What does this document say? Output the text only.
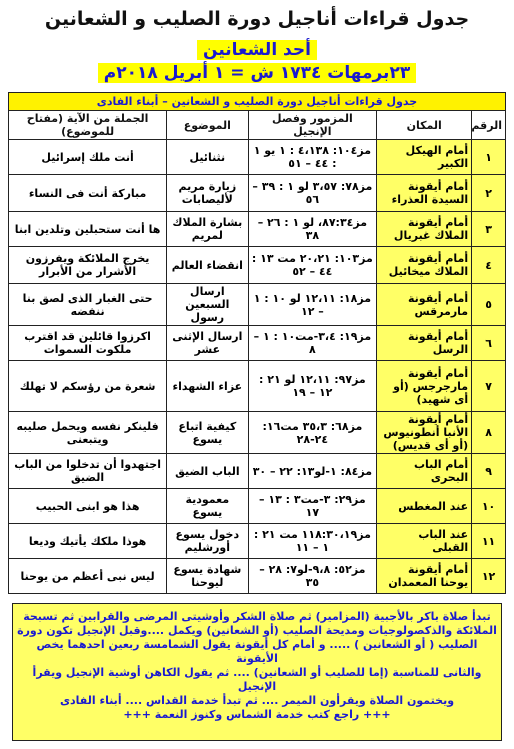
جدول قراءات أناجيل دورة الصليب و الشعانين
أحد الشعانين
٢٣برمهات ١٧٣٤ ش = ١ أبريل ٢٠١٨م
جدول قراءات أناجيل دورة الصليب و الشعانين – أبناء الفادى				
الرقم	المكان	المزمور وفصل الإنجيل	الموضوع	الجملة من الآية (مفتاح للموضوع)
١	أمام الهيكل الكبير	مز١٠٤: ٤،١٣٨ : ١ يو ١ : ٤٤ – ٥١	نثنائيل	أنت ملك إسرائيل
٢	أمام أيقونة السيدة العذراء	مز٧٨: ٣،٥٧ لو ١ : ٣٩ – ٥٦	زيارة مريم لأليصابات	مباركة أنت فى النساء
٣	أمام أيقونة الملاك غبريال	مز٨٧:٣٤، لو ١ : ٢٦ – ٣٨	بشارة الملاك لمريم	ها أنت ستحبلين وتلدين ابنا
٤	أمام أيقونة الملاك ميخائيل	مز١٠٣: ٢٠،٢١ مت ١٣ : ٤٤ – ٥٢	انقضاء العالم	يخرج الملائكة ويفرزون الأشرار من الأبرار
٥	أمام أيقونة مارمرقس	مز١٨: ١٢،١١ لو ١٠ : ١ – ١٢	ارسال السبعين رسول	حتى الغبار الذى لصق بنا ننفضه
٦	أمام أيقونة الرسل	مز١٩: ٣،٤-مت١٠ : ١ – ٨	ارسال الإثنى عشر	اكرزوا قائلين قد اقترب ملكوت السموات
٧	أمام أيقونة مارجرجس (أو أى شهيد)	مز٩٧: ١٢،١١ لو ٢١ : ١٢ – ١٩	عزاء الشهداء	شعرة من رؤسكم لا تهلك
٨	أمام أيقونة الأنبا أنطونيوس (أو أى قديس)	مز٦٨: ٣٥،٣ مت١٦: ٢٤-٢٨	كيفية اتباع يسوع	فلينكر نفسه ويحمل صليبه ويتبعنى
٩	أمام الباب البحرى	مز٨٤: ١-لو١٣: ٢٢ – ٣٠	الباب الضيق	اجتهدوا أن تدخلوا من الباب الضيق
١٠	عند المغطس	مز٢٩: ٣-مت٣ : ١٣ – ١٧	معمودية يسوع	هذا هو ابنى الحبيب
١١	عند الباب القبلى	مز١١٨:٣٠،١٩ مت ٢١ : ١ – ١١	دخول يسوع أورشليم	هوذا ملكك يأتيك وديعا
١٢	أمام أيقونة يوحنا المعمدان	مز٥٢: ٩،٨-لو٧: ٢٨ – ٣٥	شهادة يسوع ليوحنا	ليس نبى أعظم من يوحنا
تبدأ صلاة باكر بالأجبية (المزامير) ثم صلاة الشكر وأوشيتى المرضى والقرابين ثم تسبحة
الملائكة والذكصولوجيات ومديحة الصليب (أو الشعانين) ويكمل ....وقبل الإنجيل تكون دورة
الصليب ( أو الشعانين ) ..... و أمام كل أيقونة يقول الشمامسة ربعين احدهما يخص الأيقونة
والثانى للمناسبة (إما للصليب أو الشعانين) .... ثم يقول الكاهن أوشية الإنجيل ويقرأ الإنجيل
ويختمون الصلاة ويقرأون الميمر .... ثم تبدأ خدمة القداس .... أبناء الفادى
+++ راجع كتب خدمة الشماس وكنوز النعمة +++
